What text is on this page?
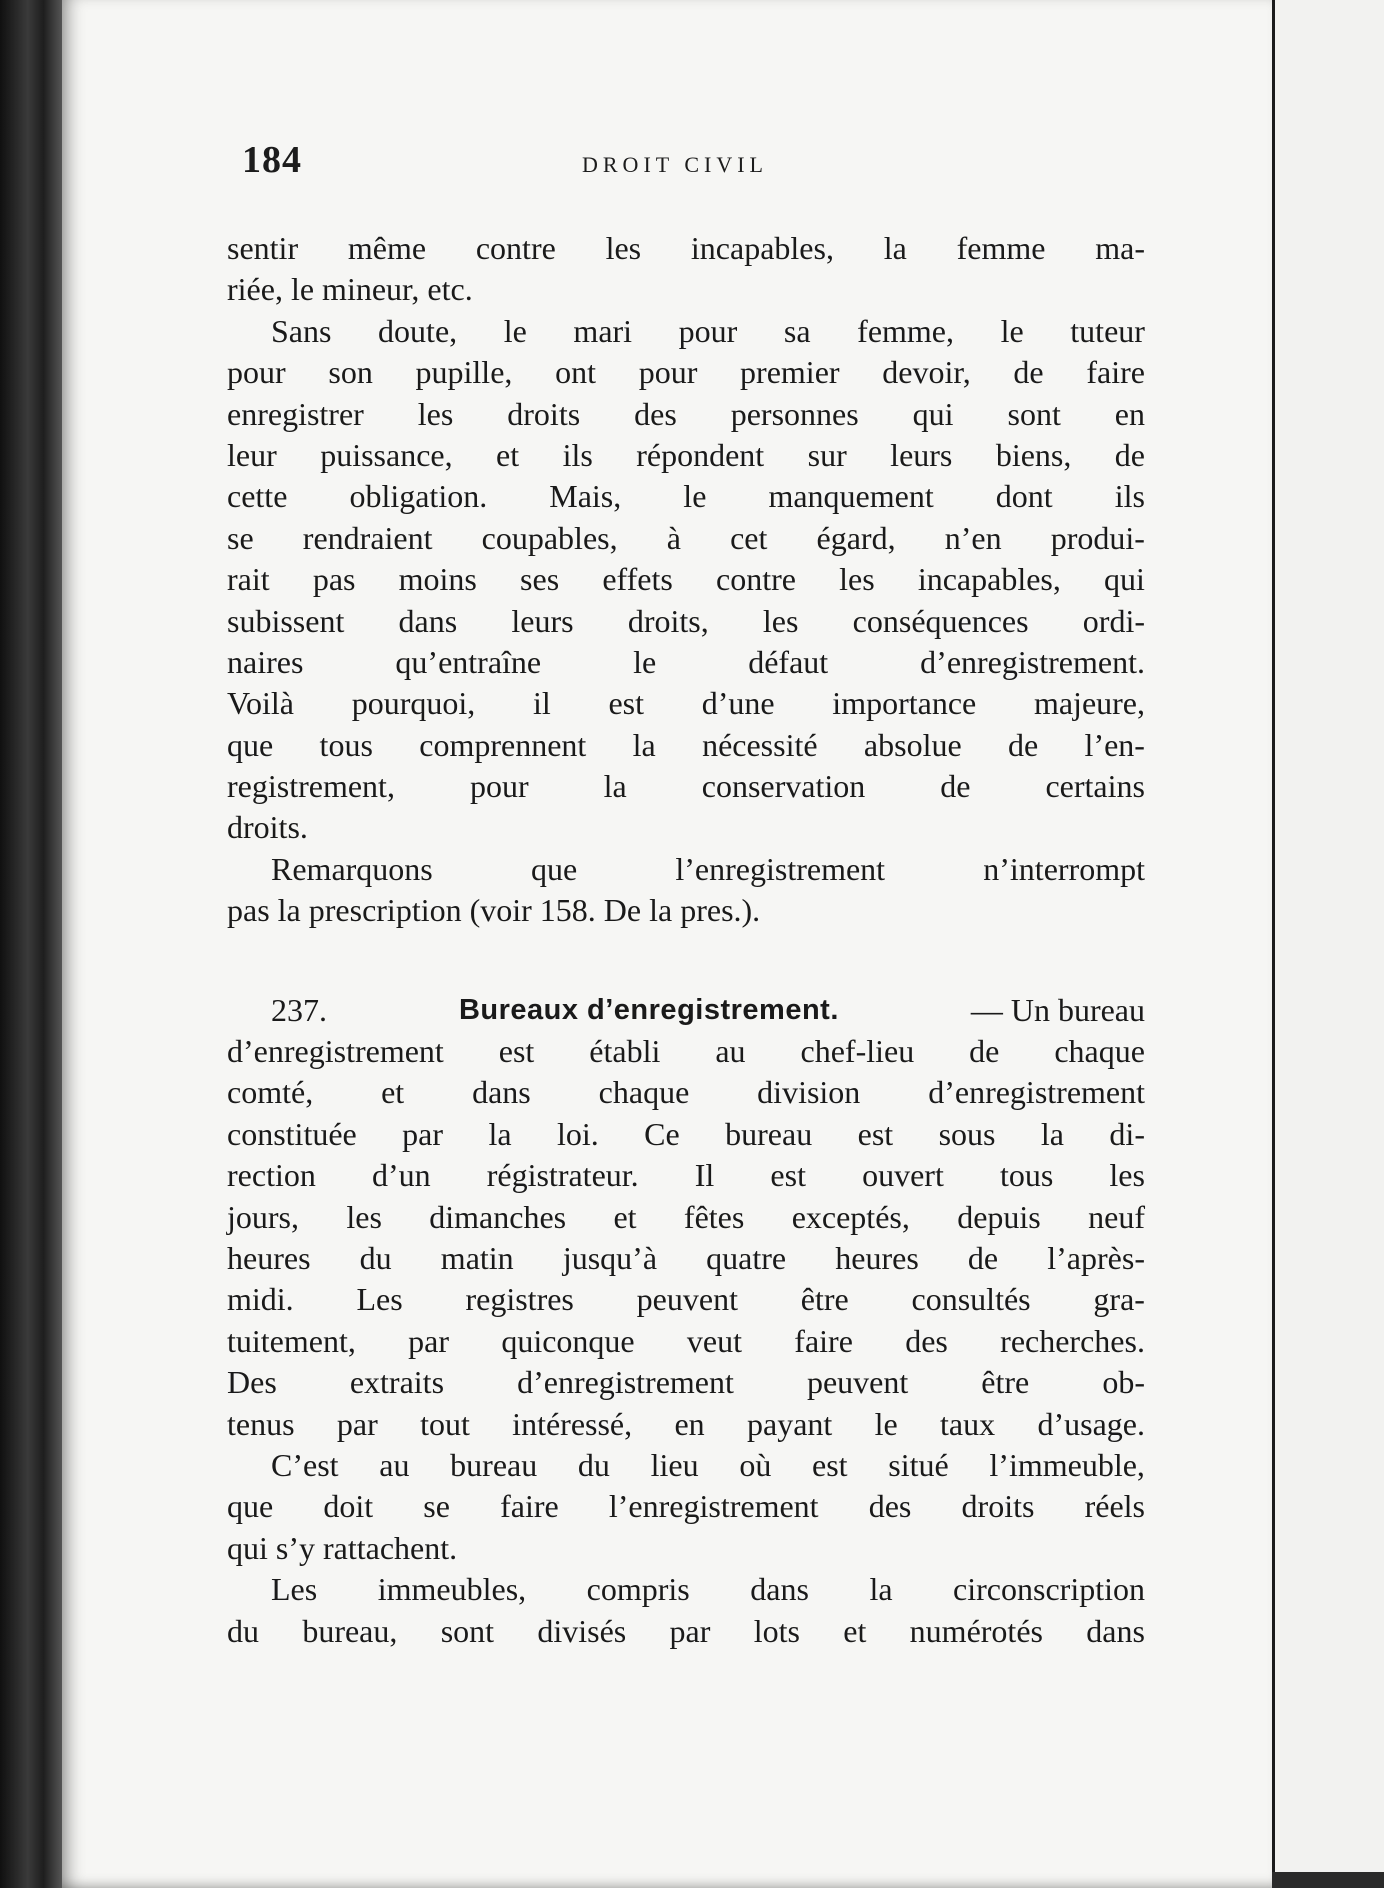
184	DROIT CIVIL
sentir même contre les incapables, la femme ma-
riée, le mineur, etc.
Sans doute, le mari pour sa femme, le tuteur
pour son pupille, ont pour premier devoir, de faire
enregistrer les droits des personnes qui sont en
leur puissance, et ils répondent sur leurs biens, de
cette obligation. Mais, le manquement dont ils
se rendraient coupables, à cet égard, n’en produi-
rait pas moins ses effets contre les incapables, qui
subissent dans leurs droits, les conséquences ordi-
naires	qu’entraîne	le	défaut	d’enregistrement.
Voilà pourquoi, il est d’une importance majeure,
que tous comprennent la nécessité absolue de l’en-
registrement, pour la conservation de certains
droits.
Remarquons	que	l’enregistrement	n’interrompt
pas la prescription (voir 158. De la pres.).
237.	Bureaux d’enregistrement.	— Un bureau
d’enregistrement est établi au chef-lieu de chaque
comté, et dans chaque division d’enregistrement
constituée par la loi. Ce bureau est sous la di-
rection d’un régistrateur. Il est ouvert tous les
jours, les dimanches et fêtes exceptés, depuis neuf
heures du matin jusqu’à quatre heures de l’après-
midi. Les registres peuvent être consultés gra-
tuitement, par quiconque veut faire des recherches.
Des extraits d’enregistrement peuvent être ob-
tenus par tout intéressé, en payant le taux d’usage.
C’est au bureau du lieu où est situé l’immeuble,
que doit se faire l’enregistrement des droits réels
qui s’y rattachent.
Les immeubles, compris dans la circonscription
du bureau, sont divisés par lots et numérotés dans
